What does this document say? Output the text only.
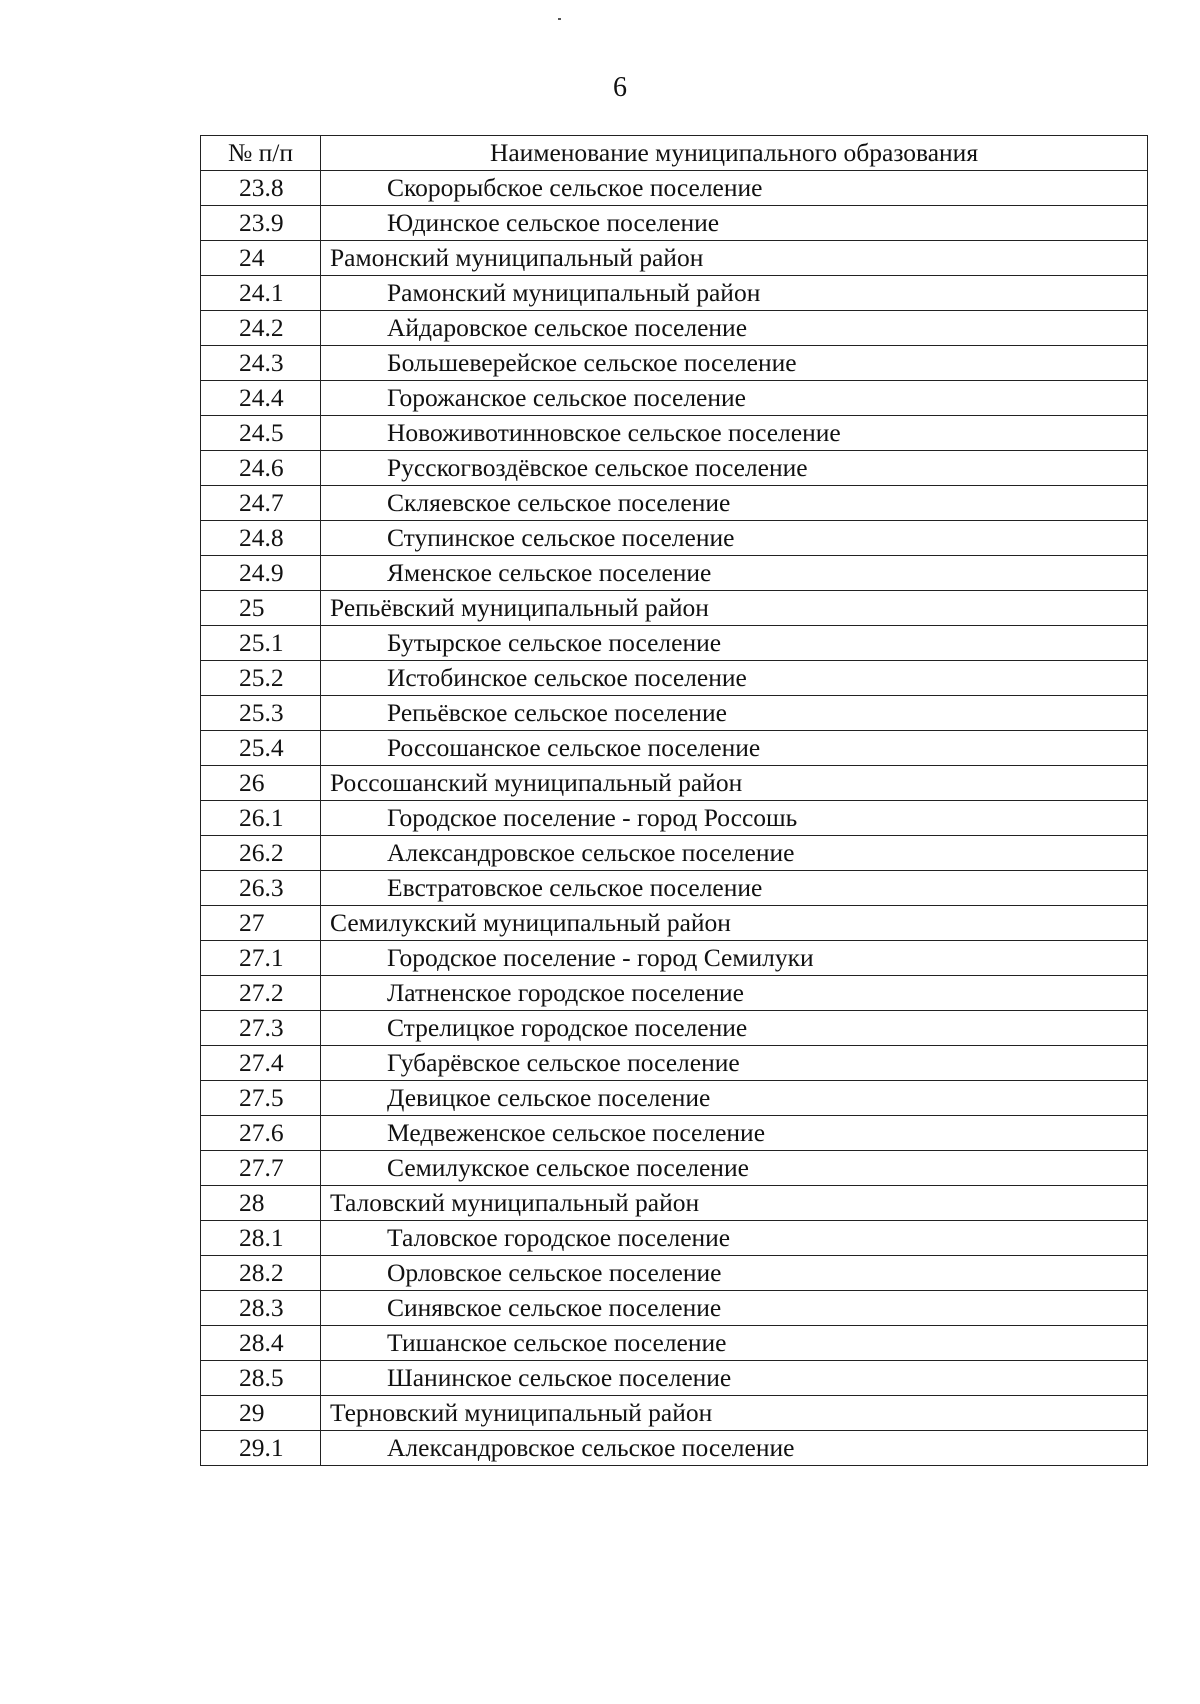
6
№ п/п	Наименование муниципального образования
23.8	Скорорыбское сельское поселение
23.9	Юдинское сельское поселение
24	Рамонский муниципальный район
24.1	Рамонский муниципальный район
24.2	Айдаровское сельское поселение
24.3	Большеверейское сельское поселение
24.4	Горожанское сельское поселение
24.5	Новоживотинновское сельское поселение
24.6	Русскогвоздёвское сельское поселение
24.7	Скляевское сельское поселение
24.8	Ступинское сельское поселение
24.9	Яменское сельское поселение
25	Репьёвский муниципальный район
25.1	Бутырское сельское поселение
25.2	Истобинское сельское поселение
25.3	Репьёвское сельское поселение
25.4	Россошанское сельское поселение
26	Россошанский муниципальный район
26.1	Городское поселение - город Россошь
26.2	Александровское сельское поселение
26.3	Евстратовское сельское поселение
27	Семилукский муниципальный район
27.1	Городское поселение - город Семилуки
27.2	Латненское городское поселение
27.3	Стрелицкое городское поселение
27.4	Губарёвское сельское поселение
27.5	Девицкое сельское поселение
27.6	Медвеженское сельское поселение
27.7	Семилукское сельское поселение
28	Таловский муниципальный район
28.1	Таловское городское поселение
28.2	Орловское сельское поселение
28.3	Синявское сельское поселение
28.4	Тишанское сельское поселение
28.5	Шанинское сельское поселение
29	Терновский муниципальный район
29.1	Александровское сельское поселение
